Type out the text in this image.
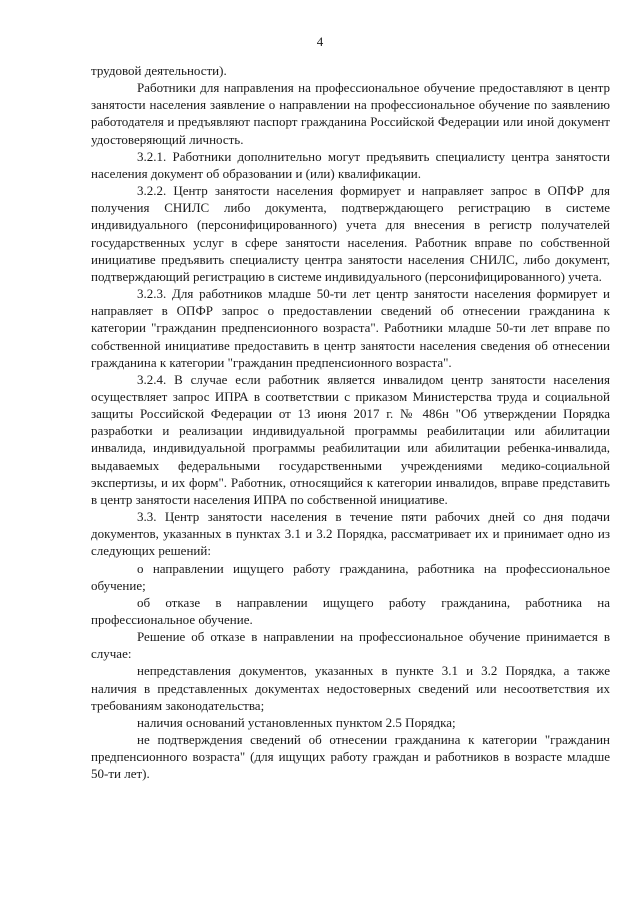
4

трудовой деятельности).

Работники для направления на профессиональное обучение предоставляют в центр занятости населения заявление о направлении на профессиональное обучение по заявлению работодателя и предъявляют паспорт гражданина Российской Федерации или иной документ удостоверяющий личность.

3.2.1. Работники дополнительно могут предъявить специалисту центра занятости населения документ об образовании и (или) квалификации.

3.2.2. Центр занятости населения формирует и направляет запрос в ОПФР для получения СНИЛС либо документа, подтверждающего регистрацию в системе индивидуального (персонифицированного) учета для внесения в регистр получателей государственных услуг в сфере занятости населения. Работник вправе по собственной инициативе предъявить специалисту центра занятости населения СНИЛС, либо документ, подтверждающий регистрацию в системе индивидуального (персонифицированного) учета.

3.2.3. Для работников младше 50-ти лет центр занятости населения формирует и направляет в ОПФР запрос о предоставлении сведений об отнесении гражданина к категории "гражданин предпенсионного возраста". Работники младше 50-ти лет вправе по собственной инициативе предоставить в центр занятости населения сведения об отнесении гражданина к категории "гражданин предпенсионного возраста".

3.2.4. В случае если работник является инвалидом центр занятости населения осуществляет запрос ИПРА в соответствии с приказом Министерства труда и социальной защиты Российской Федерации от 13 июня 2017 г. № 486н "Об утверждении Порядка разработки и реализации индивидуальной программы реабилитации или абилитации инвалида, индивидуальной программы реабилитации или абилитации ребенка-инвалида, выдаваемых федеральными государственными учреждениями медико-социальной экспертизы, и их форм". Работник, относящийся к категории инвалидов, вправе представить в центр занятости населения ИПРА по собственной инициативе.

3.3. Центр занятости населения в течение пяти рабочих дней со дня подачи документов, указанных в пунктах 3.1 и 3.2 Порядка, рассматривает их и принимает одно из следующих решений:

о направлении ищущего работу гражданина, работника на профессиональное обучение;

об отказе в направлении ищущего работу гражданина, работника на профессиональное обучение.

Решение об отказе в направлении на профессиональное обучение принимается в случае:

непредставления документов, указанных в пункте 3.1 и 3.2 Порядка, а также наличия в представленных документах недостоверных сведений или несоответствия их требованиям законодательства;

наличия оснований установленных пунктом 2.5 Порядка;

не подтверждения сведений об отнесении гражданина к категории "гражданин предпенсионного возраста" (для ищущих работу граждан и работников в возрасте младше 50-ти лет).
